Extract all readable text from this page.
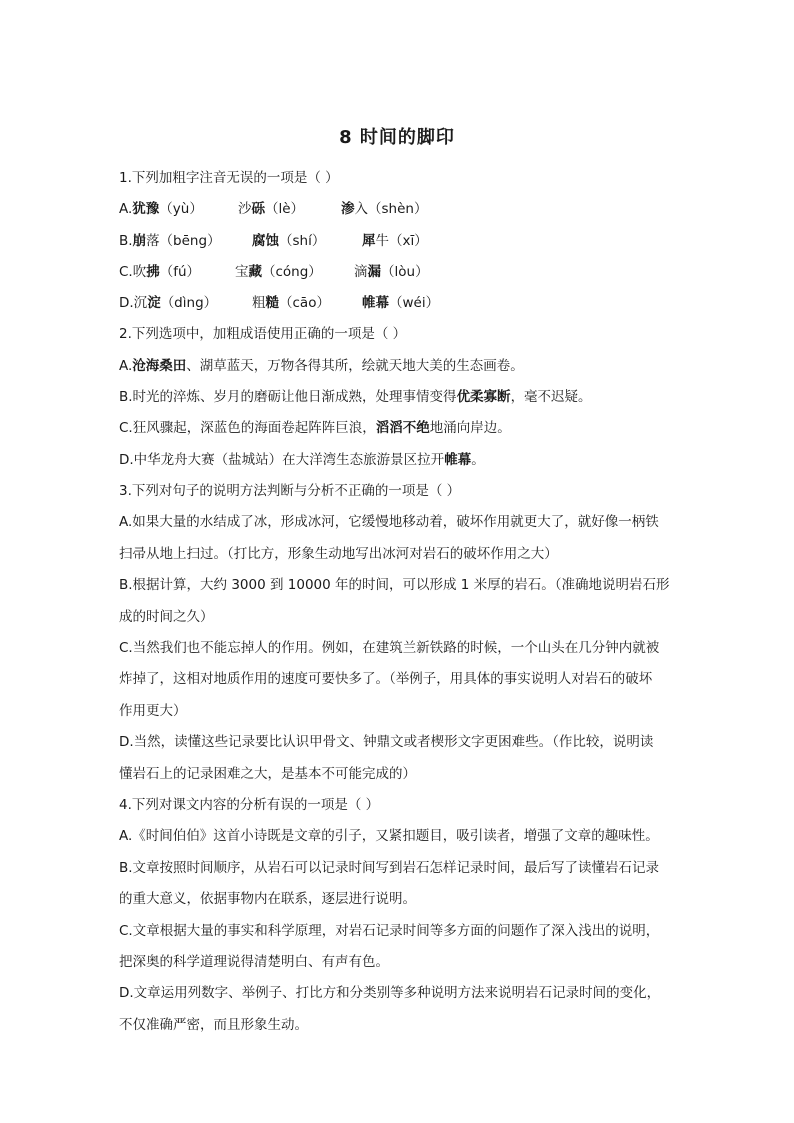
8 时间的脚印
1.下列加粗字注音无误的一项是（ ）
A.犹豫（yù）	沙砾（lè）	渗入（shèn）
B.崩落（bēng） 腐蚀（shí）	犀牛（xī）
C.吹拂（fú）	宝藏（cóng） 滴漏（lòu）
D.沉淀（dìng）	粗糙（cāo） 帷幕（wéi）
2.下列选项中，加粗成语使用正确的一项是（ ）
A.沧海桑田、湖草蓝天，万物各得其所，绘就天地大美的生态画卷。
B.时光的淬炼、岁月的磨砺让他日渐成熟，处理事情变得优柔寡断，毫不迟疑。
C.狂风骤起，深蓝色的海面卷起阵阵巨浪，滔滔不绝地涌向岸边。
D.中华龙舟大赛（盐城站）在大洋湾生态旅游景区拉开帷幕。
3.下列对句子的说明方法判断与分析不正确的一项是（ ）
A.如果大量的水结成了冰，形成冰河，它缓慢地移动着，破坏作用就更大了，就好像一柄铁
扫帚从地上扫过。（打比方，形象生动地写出冰河对岩石的破坏作用之大）
B.根据计算，大约 3000 到 10000 年的时间，可以形成 1 米厚的岩石。（准确地说明岩石形
成的时间之久）
C.当然我们也不能忘掉人的作用。例如，在建筑兰新铁路的时候，一个山头在几分钟内就被
炸掉了，这相对地质作用的速度可要快多了。（举例子，用具体的事实说明人对岩石的破坏
作用更大）
D.当然，读懂这些记录要比认识甲骨文、钟鼎文或者楔形文字更困难些。（作比较，说明读
懂岩石上的记录困难之大，是基本不可能完成的）
4.下列对课文内容的分析有误的一项是（ ）
A.《时间伯伯》这首小诗既是文章的引子，又紧扣题目，吸引读者，增强了文章的趣味性。
B.文章按照时间顺序，从岩石可以记录时间写到岩石怎样记录时间，最后写了读懂岩石记录
的重大意义，依据事物内在联系，逐层进行说明。
C.文章根据大量的事实和科学原理，对岩石记录时间等多方面的问题作了深入浅出的说明，
把深奥的科学道理说得清楚明白、有声有色。
D.文章运用列数字、举例子、打比方和分类别等多种说明方法来说明岩石记录时间的变化，
不仅准确严密，而且形象生动。
